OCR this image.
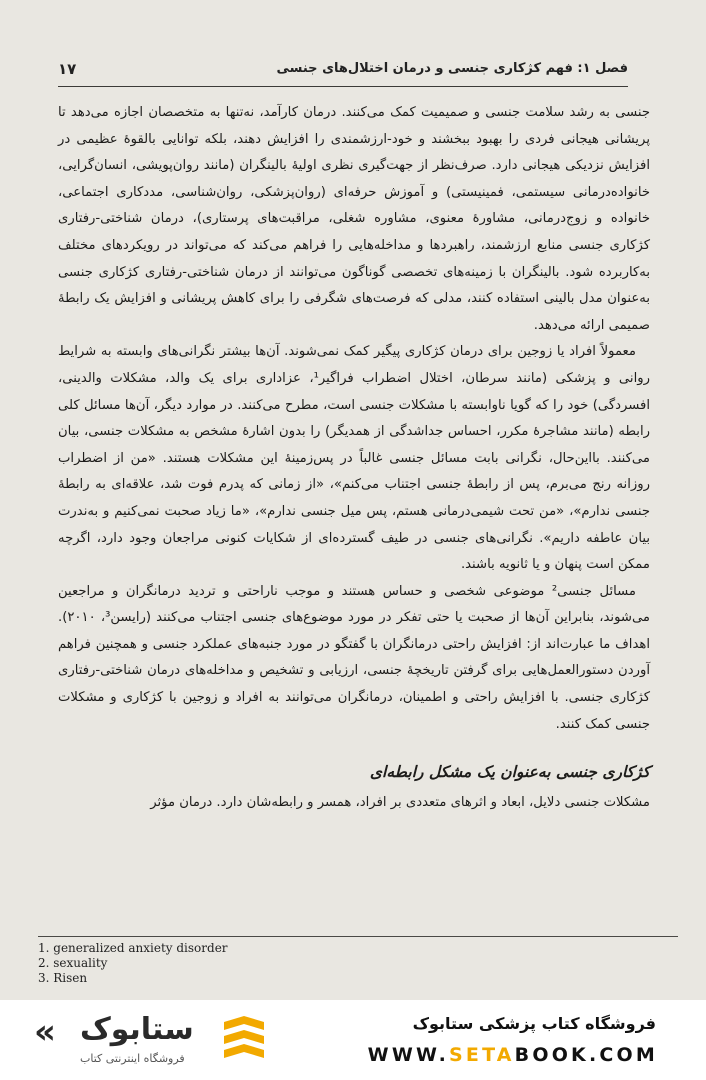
۱۷	فصل ۱: فهم کژکاری جنسی و درمان اختلال‌های جنسی

جنسی به رشد سلامت جنسی و صمیمیت کمک می‌کنند. درمان کارآمد، نه‌تنها به متخصصان اجازه می‌دهد تا پریشانی هیجانی فردی را بهبود ببخشند و خود-ارزشمندی را افزایش دهند، بلکه توانایی بالقوهٔ عظیمی در افزایش نزدیکی هیجانی دارد. صرف‌نظر از جهت‌گیری نظری اولیهٔ بالینگران (مانند روان‌پویشی، انسان‌گرایی، خانواده‌درمانی سیستمی، فمینیستی) و آموزش حرفه‌ای (روان‌پزشکی، روان‌شناسی، مددکاری اجتماعی، خانواده و زوج‌درمانی، مشاورهٔ معنوی، مشاوره شغلی، مراقبت‌های پرستاری)، درمان شناختی-رفتاری کژکاری جنسی منابع ارزشمند، راهبردها و مداخله‌هایی را فراهم می‌کند که می‌تواند در رویکردهای مختلف به‌کاربرده شود. بالینگران با زمینه‌های تخصصی گوناگون می‌توانند از درمان شناختی-رفتاری کژکاری جنسی به‌عنوان مدل بالینی استفاده کنند، مدلی که فرصت‌های شگرفی را برای کاهش پریشانی و افزایش یک رابطهٔ صمیمی ارائه می‌دهد.

معمولاً افراد یا زوجین برای درمان کژکاری پیگیر کمک نمی‌شوند. آن‌ها بیشتر نگرانی‌های وابسته به شرایط روانی و پزشکی (مانند سرطان، اختلال اضطراب فراگیر¹، عزاداری برای یک والد، مشکلات والدینی، افسردگی) خود را که گویا ناوابسته با مشکلات جنسی است، مطرح می‌کنند. در موارد دیگر، آن‌ها مسائل کلی رابطه (مانند مشاجرهٔ مکرر، احساس جداشدگی از همدیگر) را بدون اشارهٔ مشخص به مشکلات جنسی، بیان می‌کنند. بااین‌حال، نگرانی بابت مسائل جنسی غالباً در پس‌زمینهٔ این مشکلات هستند. «من از اضطراب روزانه رنج می‌برم، پس از رابطهٔ جنسی اجتناب می‌کنم»، «از زمانی که پدرم فوت شد، علاقه‌ای به رابطهٔ جنسی ندارم»، «من تحت شیمی‌درمانی هستم، پس میل جنسی ندارم»، «ما زیاد صحبت نمی‌کنیم و به‌ندرت بیان عاطفه داریم». نگرانی‌های جنسی در طیف گسترده‌ای از شکایات کنونی مراجعان وجود دارد، اگرچه ممکن است پنهان و یا ثانویه باشند.

مسائل جنسی² موضوعی شخصی و حساس هستند و موجب ناراحتی و تردید درمانگران و مراجعین می‌شوند، بنابراین آن‌ها از صحبت یا حتی تفکر در مورد موضوع‌های جنسی اجتناب می‌کنند (رایسن³، ۲۰۱۰). اهداف ما عبارت‌اند از: افزایش راحتی درمانگران با گفتگو در مورد جنبه‌های عملکرد جنسی و همچنین فراهم آوردن دستورالعمل‌هایی برای گرفتن تاریخچهٔ جنسی، ارزیابی و تشخیص و مداخله‌های درمان شناختی-رفتاری کژکاری جنسی. با افزایش راحتی و اطمینان، درمانگران می‌توانند به افراد و زوجین با کژکاری و مشکلات جنسی کمک کنند.

کژکاری جنسی به‌عنوان یک مشکل رابطه‌ای

مشکلات جنسی دلایل، ابعاد و اثرهای متعددی بر افراد، همسر و رابطه‌شان دارد. درمان مؤثر

1. generalized anxiety disorder
2. sexuality
3. Risen
« ستابوک
فروشگاه اینترنتی کتاب
فروشگاه کتاب پزشکی ستابوک
WWW.SETABOOK.COM
